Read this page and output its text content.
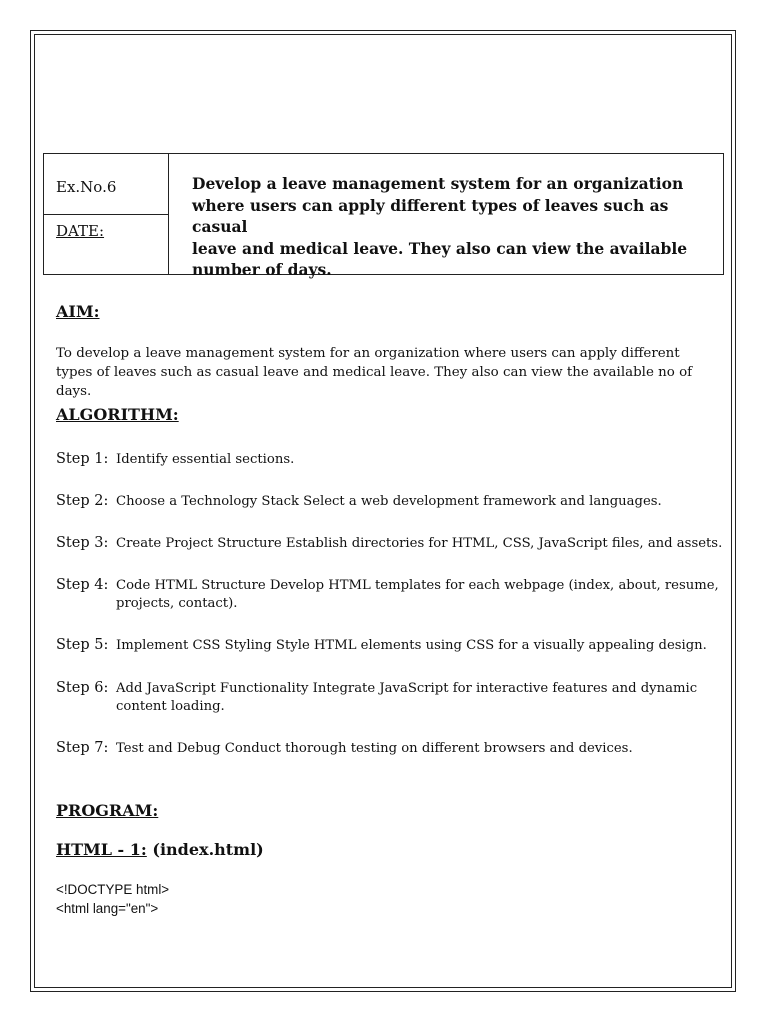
Ex.No.6
DATE:
Develop a leave management system for an organization
where users can apply different types of leaves such as casual
leave and medical leave. They also can view the available
number of days.
AIM:
To develop a leave management system for an organization where users can apply different
types of leaves such as casual leave and medical leave. They also can view the available no of days.
ALGORITHM:
Step 1: Identify essential sections.
Step 2: Choose a Technology Stack Select a web development framework and languages.
Step 3: Create Project Structure Establish directories for HTML, CSS, JavaScript files, and assets.
Step 4: Code HTML Structure Develop HTML templates for each webpage (index, about, resume,
projects, contact).
Step 5: Implement CSS Styling Style HTML elements using CSS for a visually appealing design.
Step 6: Add JavaScript Functionality Integrate JavaScript for interactive features and dynamic
content loading.
Step 7: Test and Debug Conduct thorough testing on different browsers and devices.
PROGRAM:
HTML - 1: (index.html)
<!DOCTYPE html>
<html lang="en">
